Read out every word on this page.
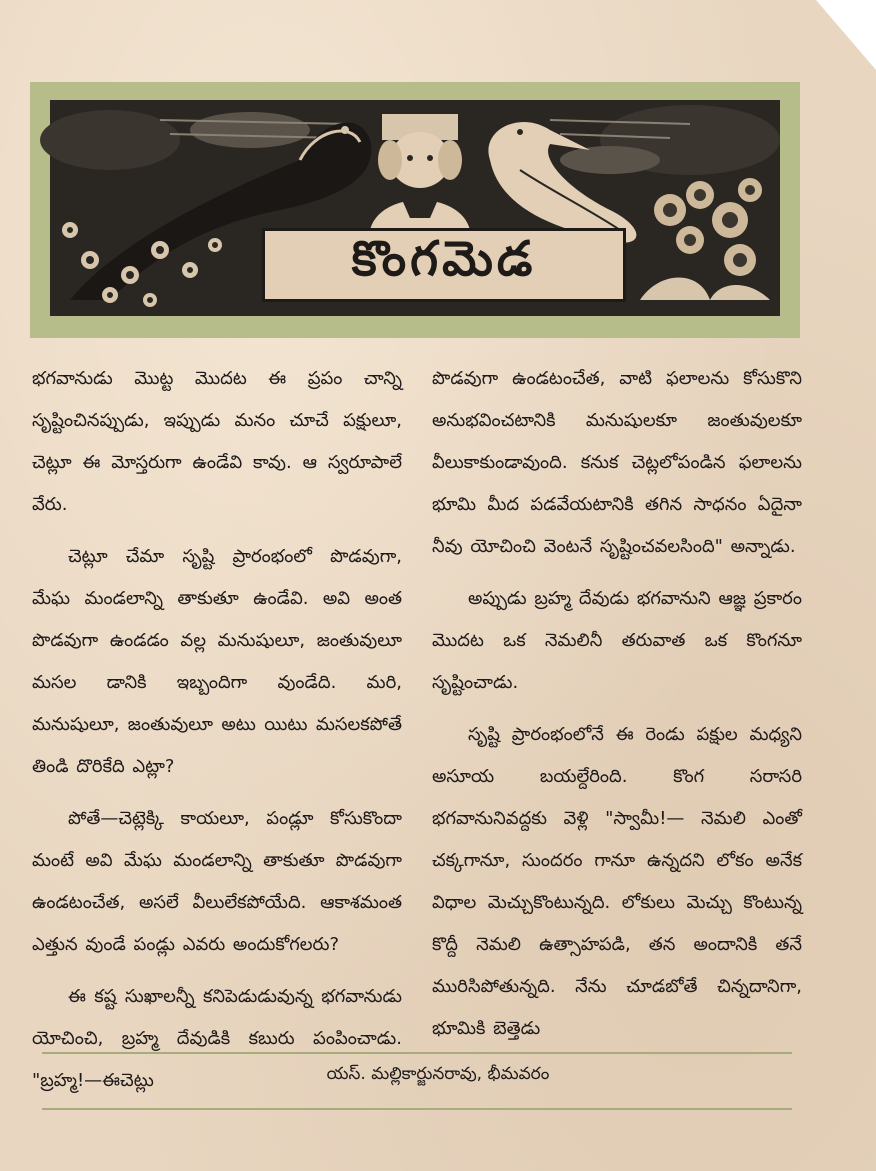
కొంగమెడ

భగవానుడు మొట్ట మొదట ఈ ప్రపం చాన్ని సృష్టించినప్పుడు, ఇప్పుడు మనం చూచే పక్షులూ, చెట్లూ ఈ మోస్తరుగా ఉండేవి కావు. ఆ స్వరూపాలే వేరు.

చెట్లూ చేమా సృష్టి ప్రారంభంలో పొడవుగా, మేఘ మండలాన్ని తాకుతూ ఉండేవి. అవి అంత పొడవుగా ఉండడం వల్ల మనుషులూ, జంతువులూ మసల డానికి ఇబ్బందిగా వుండేది. మరి, మనుషులూ, జంతువులూ అటు యిటు మసలకపోతే తిండి దొరికేది ఎట్లా?

పోతే—చెట్లెక్కి కాయలూ, పండ్లూ కోసుకొందా మంటే అవి మేఘ మండలాన్ని తాకుతూ పొడవుగా ఉండటంచేత, అసలే వీలులేకపోయేది. ఆకాశమంత ఎత్తున వుండే పండ్లు ఎవరు అందుకోగలరు?

ఈ కష్ట సుఖాలన్నీ కనిపెడుడువున్న భగవానుడు యోచించి, బ్రహ్మ దేవుడికి కబురు పంపించాడు. "బ్రహ్మ!—ఈచెట్లు

పొడవుగా ఉండటంచేత, వాటి ఫలాలను కోసుకొని అనుభవించటానికి మనుషులకూ జంతువులకూ వీలుకాకుండావుంది. కనుక చెట్లలోపండిన ఫలాలను భూమి మీద పడవేయటానికి తగిన సాధనం ఏదైనా నీవు యోచించి వెంటనే సృష్టించవలసింది" అన్నాడు.

అప్పుడు బ్రహ్మ దేవుడు భగవానుని ఆజ్ఞ ప్రకారం మొదట ఒక నెమలినీ తరువాత ఒక కొంగనూ సృష్టించాడు.

సృష్టి ప్రారంభంలోనే ఈ రెండు పక్షుల మధ్యని అసూయ బయల్దేరింది. కొంగ సరాసరి భగవానునివద్దకు వెళ్లి "స్వామీ!— నెమలి ఎంతో చక్కగానూ, సుందరం గానూ ఉన్నదని లోకం అనేక విధాల మెచ్చుకొంటున్నది. లోకులు మెచ్చు కొంటున్న కొద్దీ నెమలి ఉత్సాహపడి, తన అందానికి తనే మురిసిపోతున్నది. నేను చూడబోతే చిన్నదానిగా, భూమికి బెత్తెడు

యస్. మల్లికార్జునరావు, భీమవరం
